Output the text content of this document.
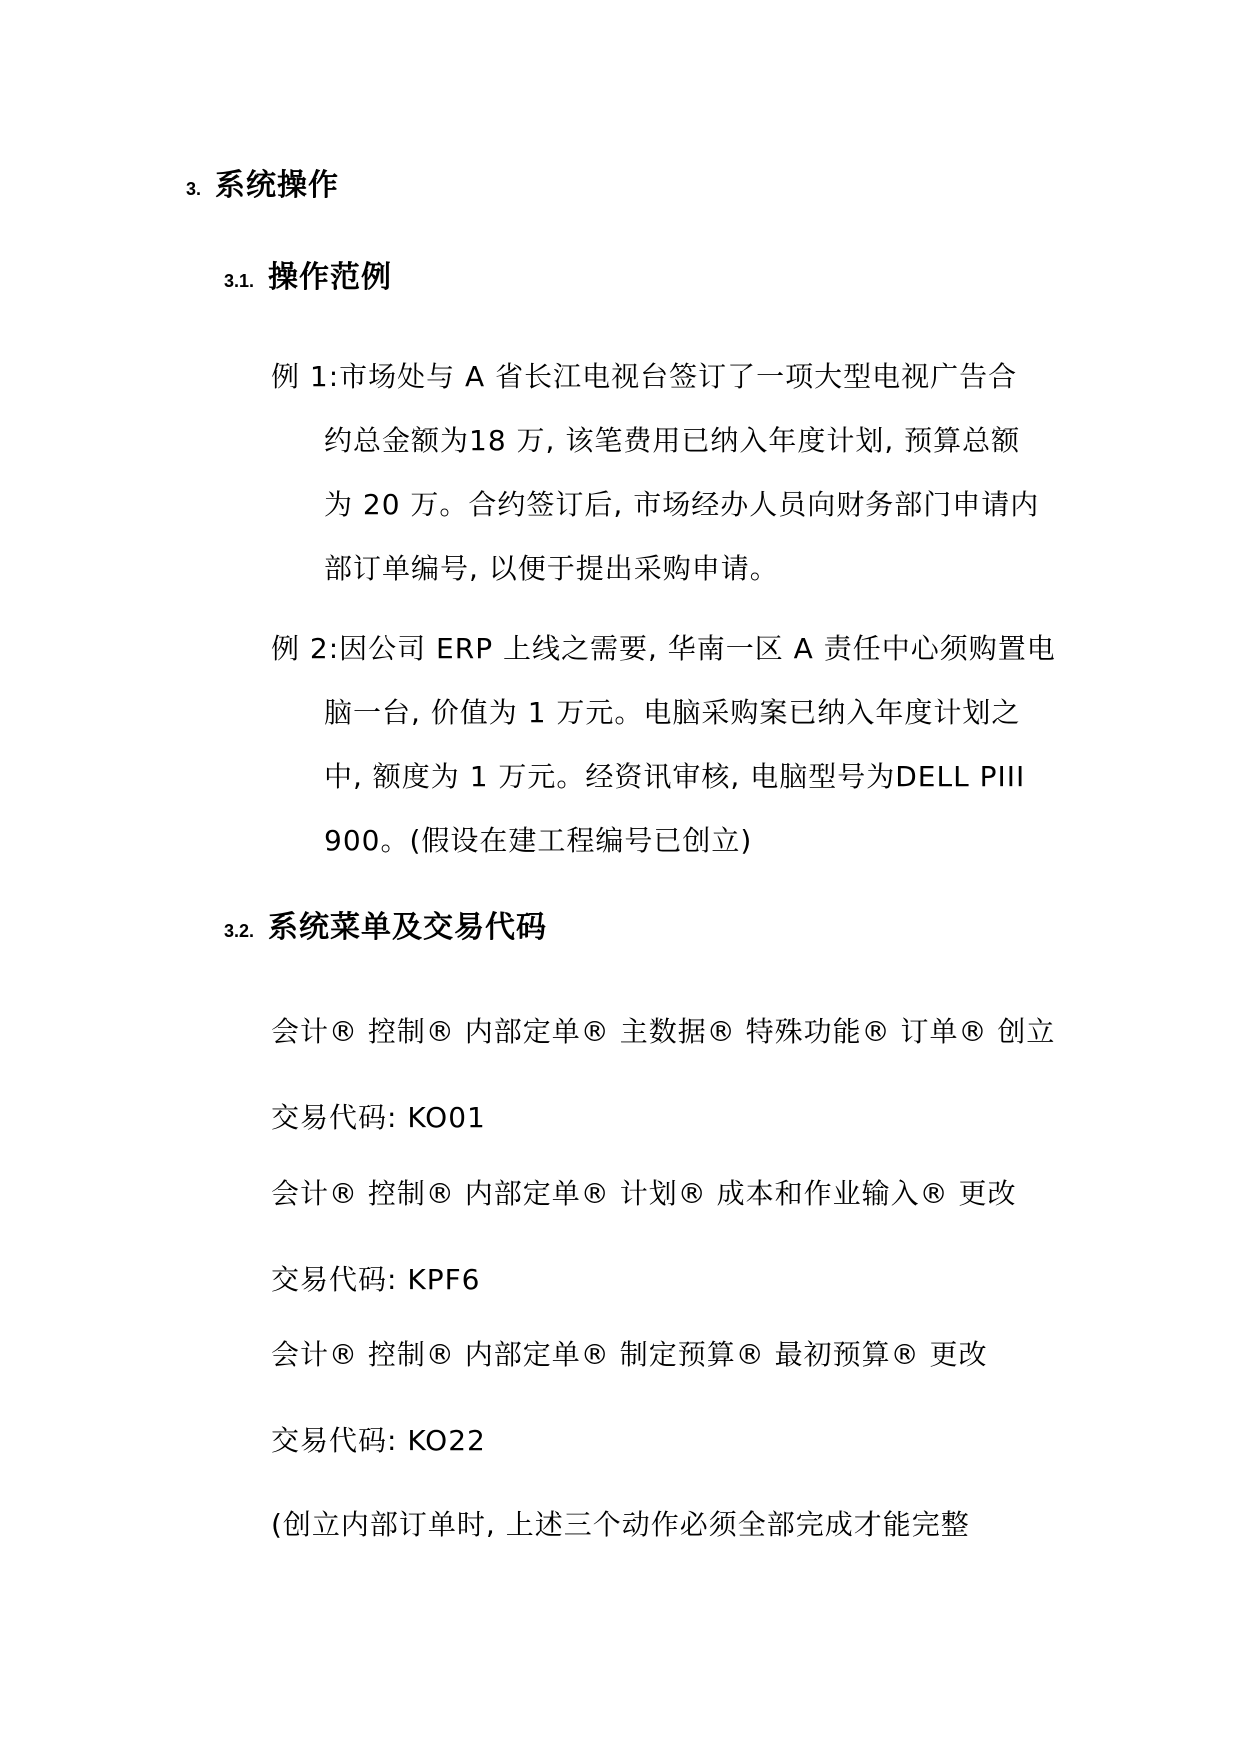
3. 系统操作
3.1. 操作范例
例 1:市场处与 A 省长江电视台签订了一项大型电视广告合
约总金额为18 万, 该笔费用已纳入年度计划, 预算总额
为 20 万。合约签订后, 市场经办人员向财务部门申请内
部订单编号, 以便于提出采购申请。
例 2:因公司 ERP 上线之需要, 华南一区 A 责任中心须购置电
脑一台, 价值为 1 万元。电脑采购案已纳入年度计划之
中, 额度为 1 万元。经资讯审核, 电脑型号为DELL PIII
900。(假设在建工程编号已创立)
3.2. 系统菜单及交易代码
会计® 控制® 内部定单® 主数据® 特殊功能® 订单® 创立
交易代码: KO01
会计® 控制® 内部定单® 计划® 成本和作业输入® 更改
交易代码: KPF6
会计® 控制® 内部定单® 制定预算® 最初预算® 更改
交易代码: KO22
(创立内部订单时, 上述三个动作必须全部完成才能完整
